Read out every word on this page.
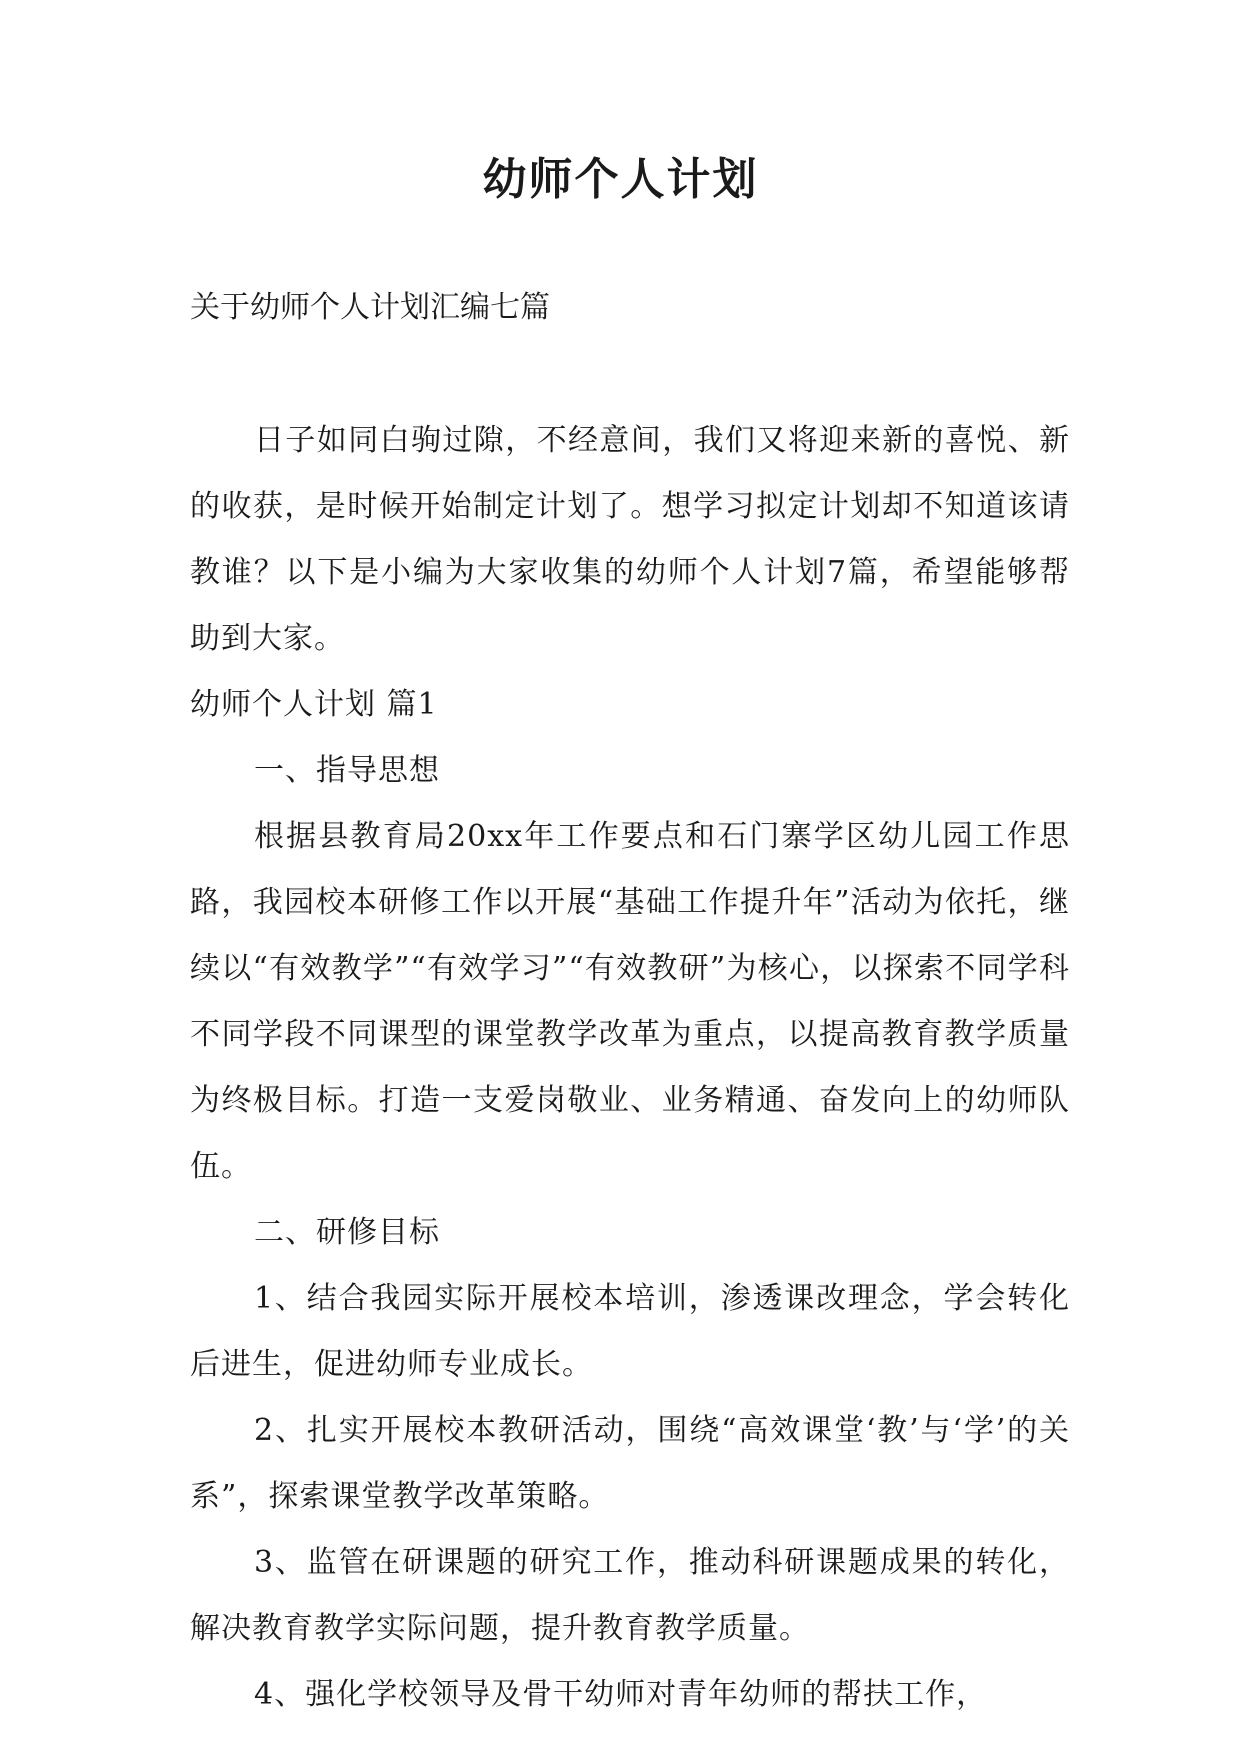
幼师个人计划
关于幼师个人计划汇编七篇

日子如同白驹过隙，不经意间，我们又将迎来新的喜悦、新的收获，是时候开始制定计划了。想学习拟定计划却不知道该请教谁？以下是小编为大家收集的幼师个人计划7篇，希望能够帮助到大家。

幼师个人计划 篇1

一、指导思想

根据县教育局20xx年工作要点和石门寨学区幼儿园工作思路，我园校本研修工作以开展“基础工作提升年”活动为依托，继续以“有效教学”“有效学习”“有效教研”为核心，以探索不同学科不同学段不同课型的课堂教学改革为重点，以提高教育教学质量为终极目标。打造一支爱岗敬业、业务精通、奋发向上的幼师队伍。

二、研修目标

1、结合我园实际开展校本培训，渗透课改理念，学会转化后进生，促进幼师专业成长。

2、扎实开展校本教研活动，围绕“高效课堂‘教’与‘学’的关系”，探索课堂教学改革策略。

3、监管在研课题的研究工作，推动科研课题成果的转化，解决教育教学实际问题，提升教育教学质量。

4、强化学校领导及骨干幼师对青年幼师的帮扶工作，
